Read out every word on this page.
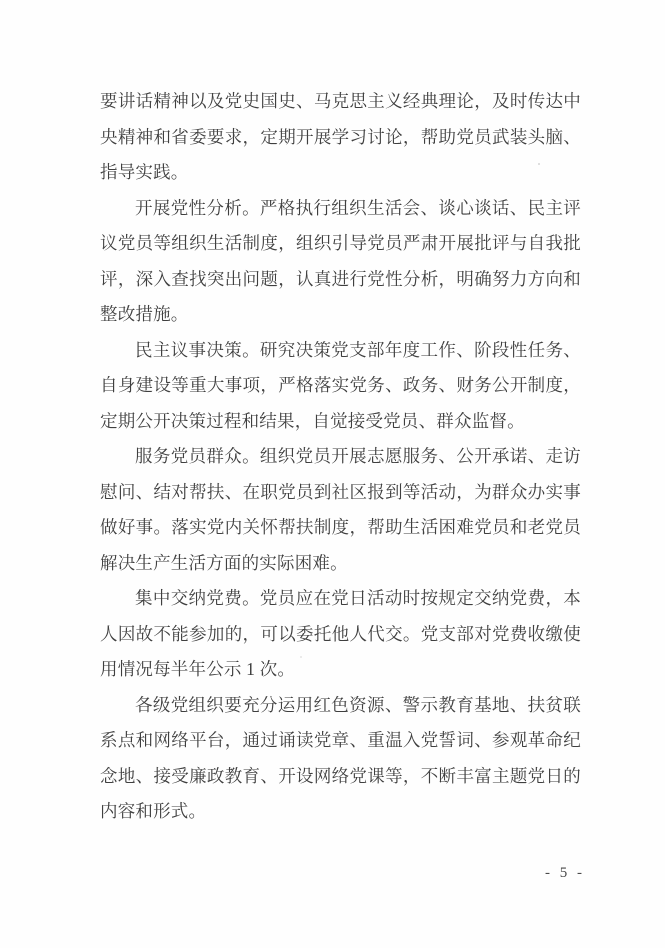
要讲话精神以及党史国史、马克思主义经典理论，及时传达中
央精神和省委要求，定期开展学习讨论，帮助党员武装头脑、
指导实践。
开展党性分析。严格执行组织生活会、谈心谈话、民主评
议党员等组织生活制度，组织引导党员严肃开展批评与自我批
评，深入查找突出问题，认真进行党性分析，明确努力方向和
整改措施。
民主议事决策。研究决策党支部年度工作、阶段性任务、
自身建设等重大事项，严格落实党务、政务、财务公开制度，
定期公开决策过程和结果，自觉接受党员、群众监督。
服务党员群众。组织党员开展志愿服务、公开承诺、走访
慰问、结对帮扶、在职党员到社区报到等活动，为群众办实事
做好事。落实党内关怀帮扶制度，帮助生活困难党员和老党员
解决生产生活方面的实际困难。
集中交纳党费。党员应在党日活动时按规定交纳党费，本
人因故不能参加的，可以委托他人代交。党支部对党费收缴使
用情况每半年公示 1 次。
各级党组织要充分运用红色资源、警示教育基地、扶贫联
系点和网络平台，通过诵读党章、重温入党誓词、参观革命纪
念地、接受廉政教育、开设网络党课等，不断丰富主题党日的
内容和形式。
- 5 -
